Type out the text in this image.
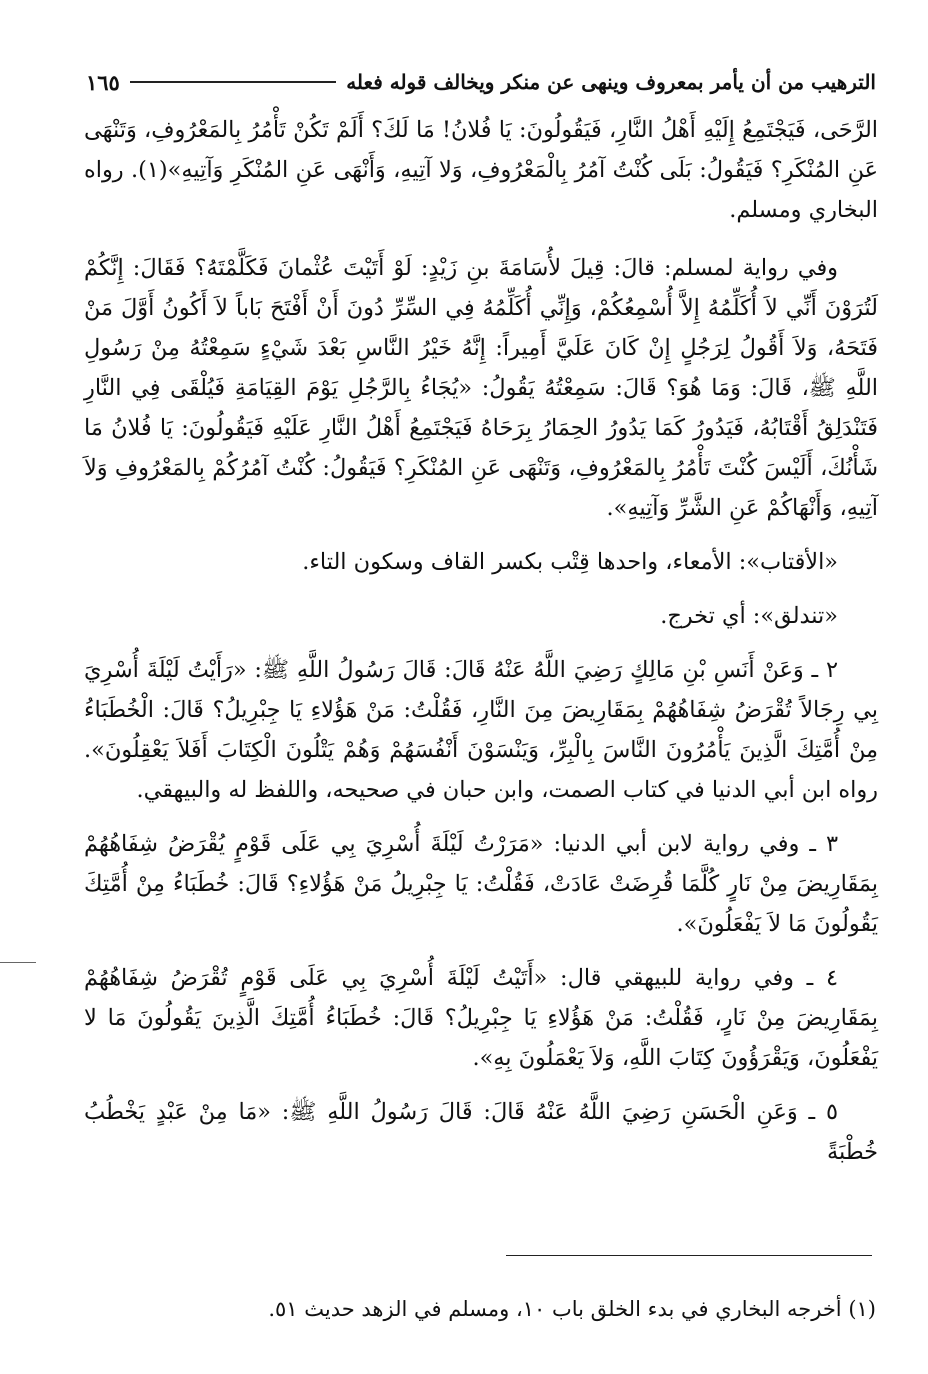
الترهيب من أن يأمر بمعروف وينهى عن منكر ويخالف قوله فعله
١٦٥

الرَّحَى، فَيَجْتَمِعُ إِلَيْهِ أَهْلُ النَّارِ، فَيَقُولُونَ: يَا فُلانُ! مَا لَكَ؟ أَلَمْ تَكُنْ تَأْمُرُ بِالمَعْرُوفِ، وَتَنْهَى عَنِ المُنْكَرِ؟ فَيَقُولُ: بَلَى كُنْتُ آمُرُ بِالْمَعْرُوفِ، وَلا آتِيهِ، وَأَنْهَى عَنِ المُنْكَرِ وَآتِيهِ»(١). رواه البخاري ومسلم.

وفي رواية لمسلم: قالَ: قِيلَ لأُسَامَةَ بنِ زَيْدٍ: لَوْ أَتَيْتَ عُثْمانَ فَكَلَّمْتَهُ؟ فَقَالَ: إِنَّكُمْ لَتُرَوْنَ أَنِّي لاَ أُكَلِّمُهُ إِلاَّ أُسْمِعُكُمْ، وَإِنِّي أُكَلِّمُهُ فِي السِّرِّ دُونَ أَنْ أَفْتَحَ بَاباً لاَ أَكُونُ أَوَّلَ مَنْ فَتَحَهُ، وَلاَ أَقُولُ لِرَجُلٍ إِنْ كَانَ عَلَيَّ أَمِيراً: إِنَّهُ خَيْرُ النَّاسِ بَعْدَ شَيْءٍ سَمِعْتُهُ مِنْ رَسُولِ اللَّهِ ﷺ، قَالَ: وَمَا هُوَ؟ قَالَ: سَمِعْتُهُ يَقُولُ: «يُجَاءُ بِالرَّجُلِ يَوْمَ القِيَامَةِ فَيُلْقَى فِي النَّارِ فَتَنْدَلِقُ أَقْتَابُهُ، فَيَدُورُ كَمَا يَدُورُ الحِمَارُ بِرَحَاهُ فَيَجْتَمِعُ أَهْلُ النَّارِ عَلَيْهِ فَيَقُولُونَ: يَا فُلانُ مَا شَأْنُكَ، أَلَيْسَ كُنْتَ تَأْمُرُ بِالمَعْرُوفِ، وَتَنْهَى عَنِ المُنْكَرِ؟ فَيَقُولُ: كُنْتُ آمُرُكُمْ بِالمَعْرُوفِ وَلاَ آتِيهِ، وَأَنْهَاكُمْ عَنِ الشَّرِّ وَآتِيهِ».

«الأقتاب»: الأمعاء، واحدها قِتْب بكسر القاف وسكون التاء.

«تندلق»: أي تخرج.

٢ ـ وَعَنْ أَنَسِ بْنِ مَالِكٍ رَضِيَ اللَّهُ عَنْهُ قَالَ: قَالَ رَسُولُ اللَّهِ ﷺ: «رَأَيْتُ لَيْلَةَ أُسْرِيَ بِي رِجَالاً تُقْرَضُ شِفَاهُهُمْ بِمَقَارِيضَ مِنَ النَّارِ، فَقُلْتُ: مَنْ هَؤُلاءِ يَا جِبْرِيلُ؟ قَالَ: الْخُطَبَاءُ مِنْ أُمَّتِكَ الَّذِينَ يَأْمُرُونَ النَّاسَ بِالْبِرِّ، وَيَنْسَوْنَ أَنْفُسَهُمْ وَهُمْ يَتْلُونَ الْكِتَابَ أَفَلاَ يَعْقِلُونَ». رواه ابن أبي الدنيا في كتاب الصمت، وابن حبان في صحيحه، واللفظ له والبيهقي.

٣ ـ وفي رواية لابن أبي الدنيا: «مَرَرْتُ لَيْلَةَ أُسْرِيَ بِي عَلَى قَوْمٍ يُقْرَضُ شِفَاهُهُمْ بِمَقَارِيضَ مِنْ نَارٍ كُلَّمَا قُرِضَتْ عَادَتْ، فَقُلْتُ: يَا جِبْرِيلُ مَنْ هَؤُلاءِ؟ قَالَ: خُطَبَاءُ مِنْ أُمَّتِكَ يَقُولُونَ مَا لاَ يَفْعَلُونَ».

٤ ـ وفي رواية للبيهقي قال: «أَتَيْتُ لَيْلَةَ أُسْرِيَ بِي عَلَى قَوْمٍ تُقْرَضُ شِفَاهُهُمْ بِمَقَارِيضَ مِنْ نَارٍ، فَقُلْتُ: مَنْ هَؤُلاءِ يَا جِبْرِيلُ؟ قَالَ: خُطَبَاءُ أُمَّتِكَ الَّذِينَ يَقُولُونَ مَا لا يَفْعَلُونَ، وَيَقْرَؤُونَ كِتَابَ اللَّهِ، وَلاَ يَعْمَلُونَ بِهِ».

٥ ـ وَعَنِ الْحَسَنِ رَضِيَ اللَّهُ عَنْهُ قَالَ: قَالَ رَسُولُ اللَّهِ ﷺ: «مَا مِنْ عَبْدٍ يَخْطُبُ خُطْبَةً

(١) أخرجه البخاري في بدء الخلق باب ١٠، ومسلم في الزهد حديث ٥١.
